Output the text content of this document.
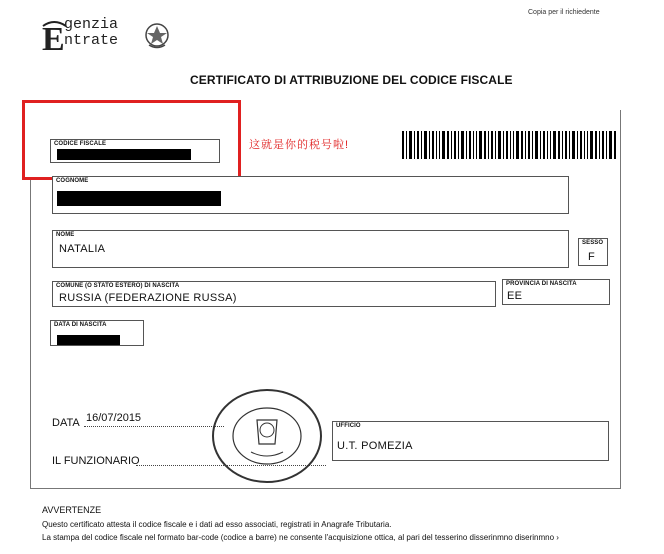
E genzia
ntrate
Copia per il richiedente
CERTIFICATO DI ATTRIBUZIONE DEL CODICE FISCALE
CODICE FISCALE	这就是你的税号啦!
COGNOME
NOME
NATALIA	SESSO
F
COMUNE (O STATO ESTERO) DI NASCITA
RUSSIA (FEDERAZIONE RUSSA)
PROVINCIA DI NASCITA
EE
DATA DI NASCITA
DATA 16/07/2015
IL FUNZIONARIO
UFFICIO
U.T. POMEZIA
AVVERTENZE
Questo certificato attesta il codice fiscale e i dati ad esso associati, registrati in Anagrafe Tributaria.
La stampa del codice fiscale nel formato bar-code (codice a barre) ne consente l'acquisizione ottica, al pari del tesserino disserinmno diserinmno ›
